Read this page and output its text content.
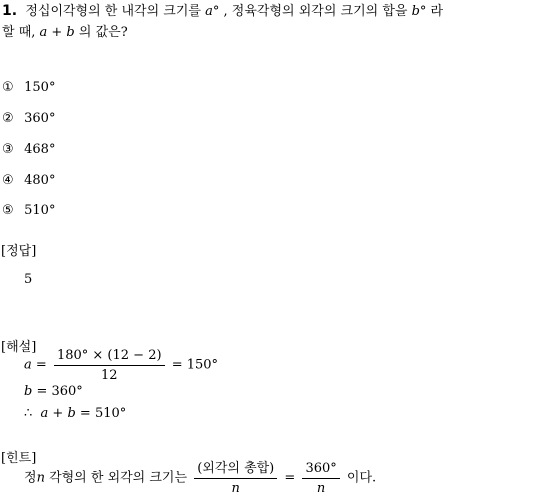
1. 정십이각형의 한 내각의 크기를 a° , 정육각형의 외각의 크기의 합을 b° 라
할 때, a + b 의 값은?
① 150°
② 360°
③ 468°
④ 480°
⑤ 510°
[정답]
5
[해설]
$a = \frac{180^\circ \times (12 - 2)}{12} = 150^\circ$
b = 360°
∴ a + b = 510°
[힌트]
정n 각형의 한 외각의 크기는 $\frac{\text{(외각의 총합)}}{n} = \frac{360^\circ}{n}$ 이다.
